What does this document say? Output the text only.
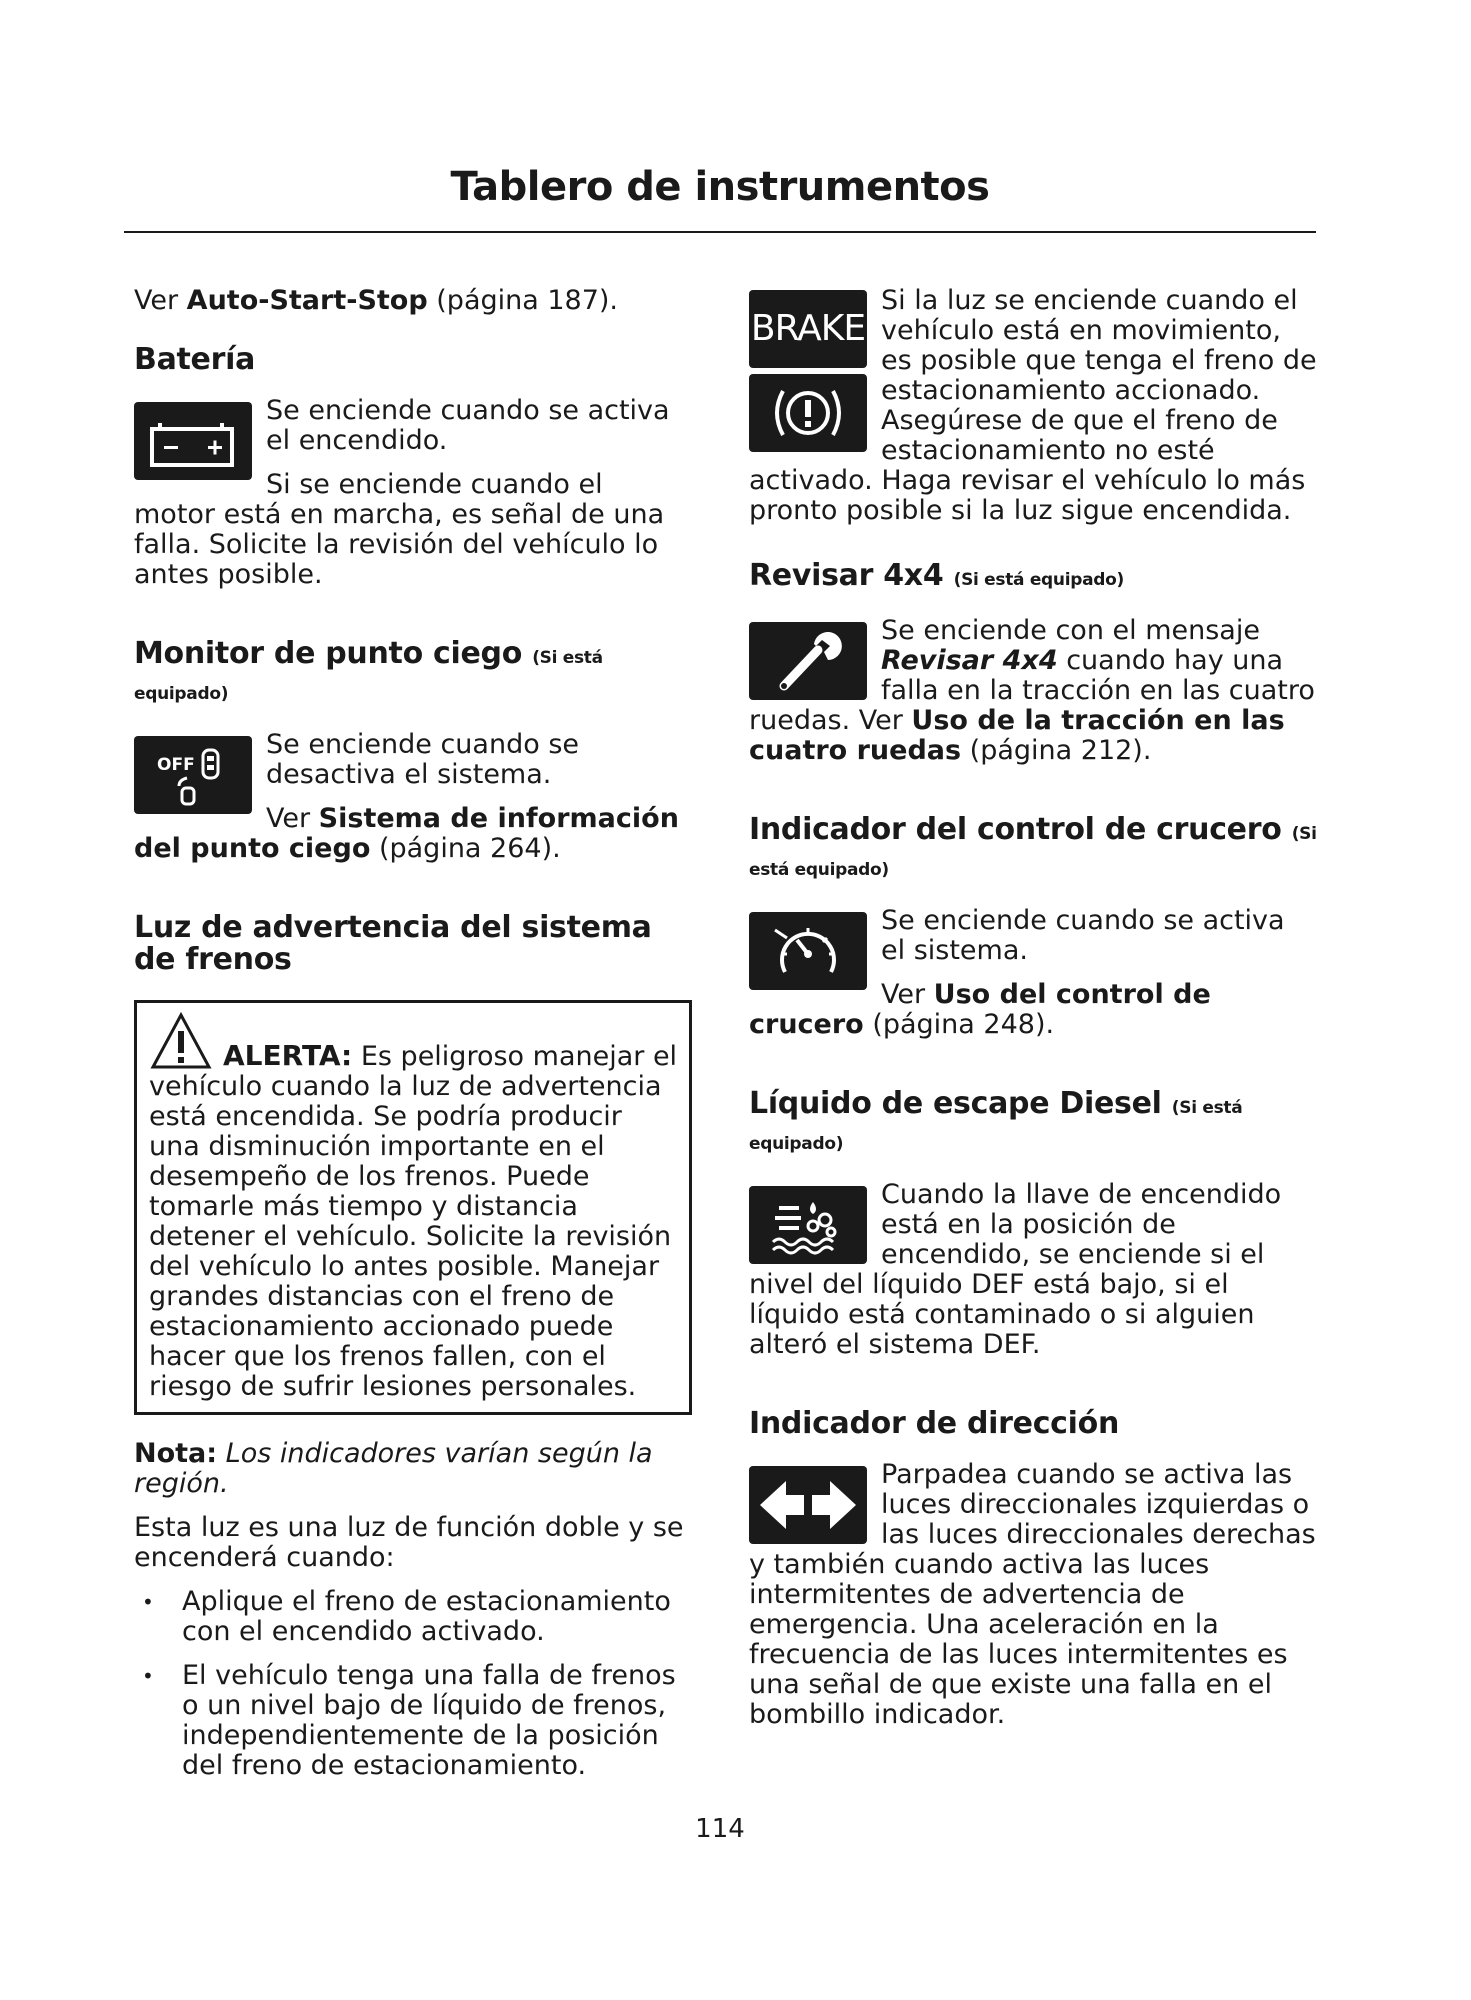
Tablero de instrumentos

Ver Auto-Start-Stop (página 187).

Batería

Se enciende cuando se activa el encendido.

Si se enciende cuando el motor está en marcha, es señal de una falla. Solicite la revisión del vehículo lo antes posible.

Monitor de punto ciego (Si está equipado)
OFF

Se enciende cuando se desactiva el sistema.

Ver Sistema de información del punto ciego (página 264).

Luz de advertencia del sistema de frenos
ALERTA: Es peligroso manejar el vehículo cuando la luz de advertencia está encendida. Se podría producir una disminución importante en el desempeño de los frenos. Puede tomarle más tiempo y distancia detener el vehículo. Solicite la revisión del vehículo lo antes posible. Manejar grandes distancias con el freno de estacionamiento accionado puede hacer que los frenos fallen, con el riesgo de sufrir lesiones personales.

Nota: Los indicadores varían según la región.

Esta luz es una luz de función doble y se encenderá cuando:

• Aplique el freno de estacionamiento con el encendido activado.
• El vehículo tenga una falla de frenos o un nivel bajo de líquido de frenos, independientemente de la posición del freno de estacionamiento.
BRAKE

Si la luz se enciende cuando el vehículo está en movimiento, es posible que tenga el freno de estacionamiento accionado. Asegúrese de que el freno de estacionamiento no esté activado. Haga revisar el vehículo lo más pronto posible si la luz sigue encendida.

Revisar 4x4 (Si está equipado)

Se enciende con el mensaje Revisar 4x4 cuando hay una falla en la tracción en las cuatro ruedas. Ver Uso de la tracción en las cuatro ruedas (página 212).

Indicador del control de crucero (Si está equipado)

Se enciende cuando se activa el sistema.

Ver Uso del control de crucero (página 248).

Líquido de escape Diesel (Si está equipado)

Cuando la llave de encendido está en la posición de encendido, se enciende si el nivel del líquido DEF está bajo, si el líquido está contaminado o si alguien alteró el sistema DEF.

Indicador de dirección

Parpadea cuando se activa las luces direccionales izquierdas o las luces direccionales derechas y también cuando activa las luces intermitentes de advertencia de emergencia. Una aceleración en la frecuencia de las luces intermitentes es una señal de que existe una falla en el bombillo indicador.

114
